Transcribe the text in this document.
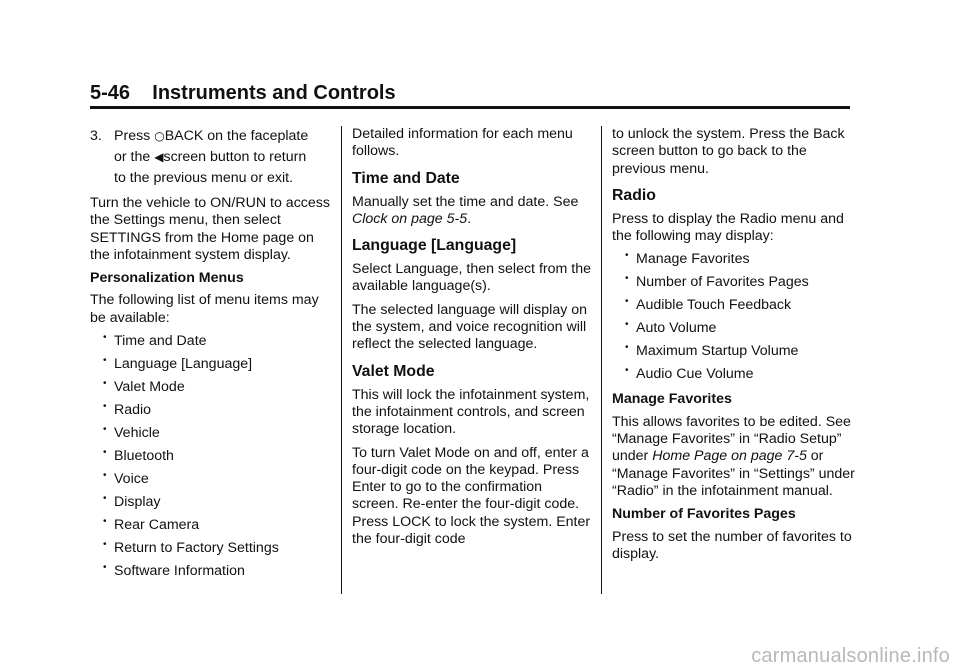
5-46 Instruments and Controls
3. Press ○BACK on the faceplate
or the ◀screen button to return
to the previous menu or exit.

Turn the vehicle to ON/RUN to access the Settings menu, then select SETTINGS from the Home page on the infotainment system display.

Personalization Menus

The following list of menu items may be available:

• Time and Date
• Language [Language]
• Valet Mode
• Radio
• Vehicle
• Bluetooth
• Voice
• Display
• Rear Camera
• Return to Factory Settings
• Software Information

Detailed information for each menu follows.

Time and Date

Manually set the time and date. See Clock on page 5-5.

Language [Language]

Select Language, then select from the available language(s).

The selected language will display on the system, and voice recognition will reflect the selected language.

Valet Mode

This will lock the infotainment system, the infotainment controls, and screen storage location.

To turn Valet Mode on and off, enter a four-digit code on the keypad. Press Enter to go to the confirmation screen. Re-enter the four-digit code. Press LOCK to lock the system. Enter the four-digit code

to unlock the system. Press the Back screen button to go back to the previous menu.

Radio

Press to display the Radio menu and the following may display:

• Manage Favorites
• Number of Favorites Pages
• Audible Touch Feedback
• Auto Volume
• Maximum Startup Volume
• Audio Cue Volume

Manage Favorites

This allows favorites to be edited. See “Manage Favorites” in “Radio Setup” under Home Page on page 7-5 or “Manage Favorites” in “Settings” under “Radio” in the infotainment manual.

Number of Favorites Pages

Press to set the number of favorites to display.

carmanualsonline.info
